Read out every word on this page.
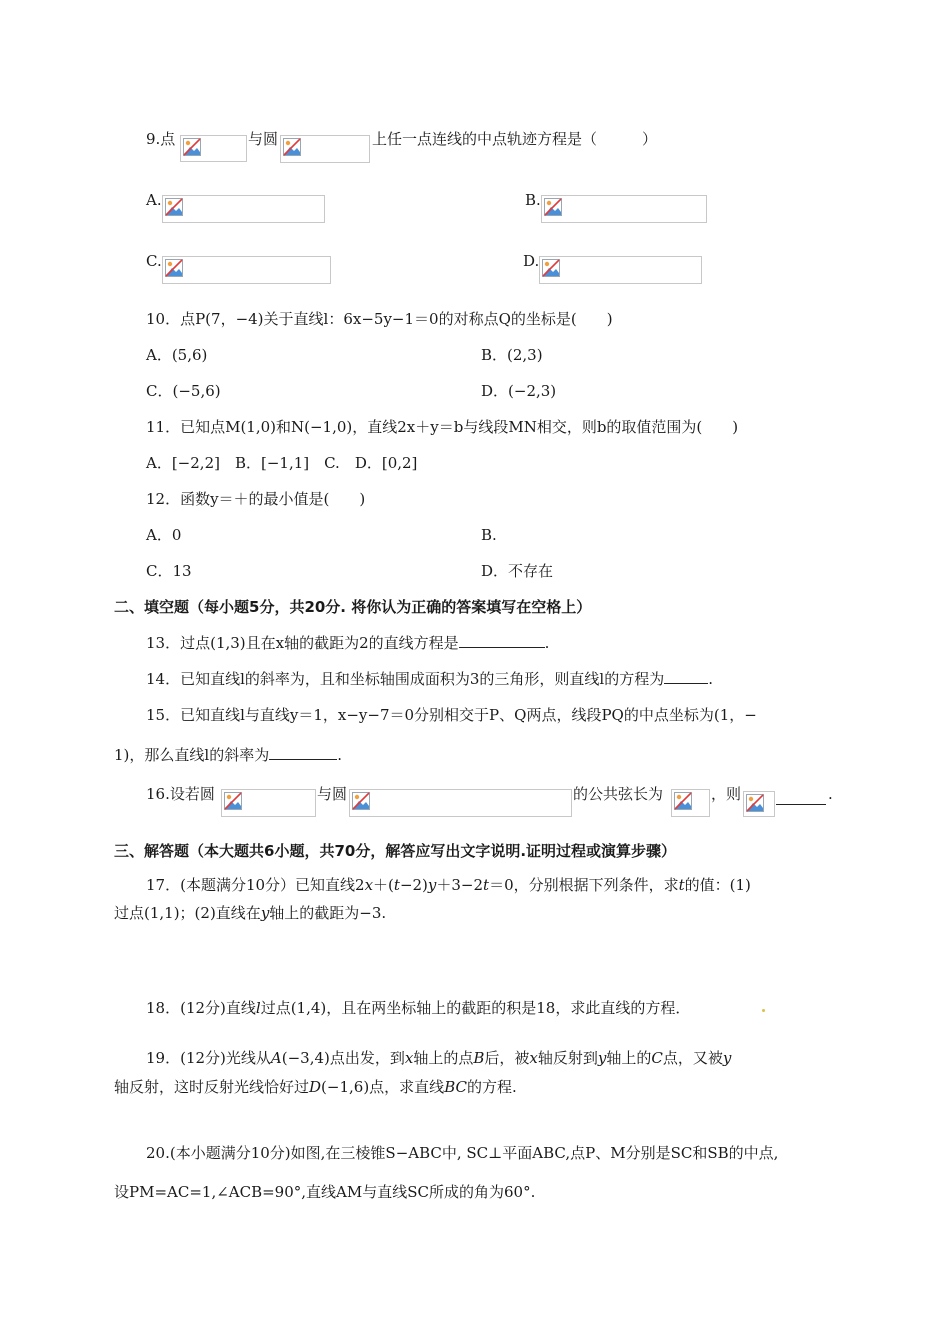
9.点	与圆	上任一点连线的中点轨迹方程是（　　　）
A.	B.
C.	D.
10．点P(7，−4)关于直线l：6x−5y−1＝0的对称点Q的坐标是(　　)
A．(5,6)	B．(2,3)
C．(−5,6)	D．(−2,3)
11．已知点M(1,0)和N(−1,0)，直线2x＋y＝b与线段MN相交，则b的取值范围为(　　)
A．[−2,2]　B．[−1,1]　C.　D．[0,2]
12．函数y＝＋的最小值是(　　)
A．0	B.
C．13	D．不存在
二、填空题（每小题5分，共20分. 将你认为正确的答案填写在空格上）
13．过点(1,3)且在x轴的截距为2的直线方程是	.
14．已知直线l的斜率为，且和坐标轴围成面积为3的三角形，则直线l的方程为	.
15．已知直线l与直线y＝1，x−y−7＝0分别相交于P、Q两点，线段PQ的中点坐标为(1，−
1)，那么直线l的斜率为	.
16.设若圆	与圆	的公共弦长为	，则	.
三、解答题（本大题共6小题，共70分，解答应写出文字说明.证明过程或演算步骤）
17．(本题满分10分）已知直线2x＋(t−2)y＋3−2t＝0，分别根据下列条件，求t的值：(1)
过点(1,1)；(2)直线在y轴上的截距为−3.
18．(12分)直线l过点(1,4)，且在两坐标轴上的截距的积是18，求此直线的方程．
19．(12分)光线从A(−3,4)点出发，到x轴上的点B后，被x轴反射到y轴上的C点，又被y
轴反射，这时反射光线恰好过D(−1,6)点，求直线BC的方程.
20.(本小题满分10分)如图,在三棱锥S−ABC中, SC⊥平面ABC,点P、M分别是SC和SB的中点,
设PM=AC=1,∠ACB=90°,直线AM与直线SC所成的角为60°.
